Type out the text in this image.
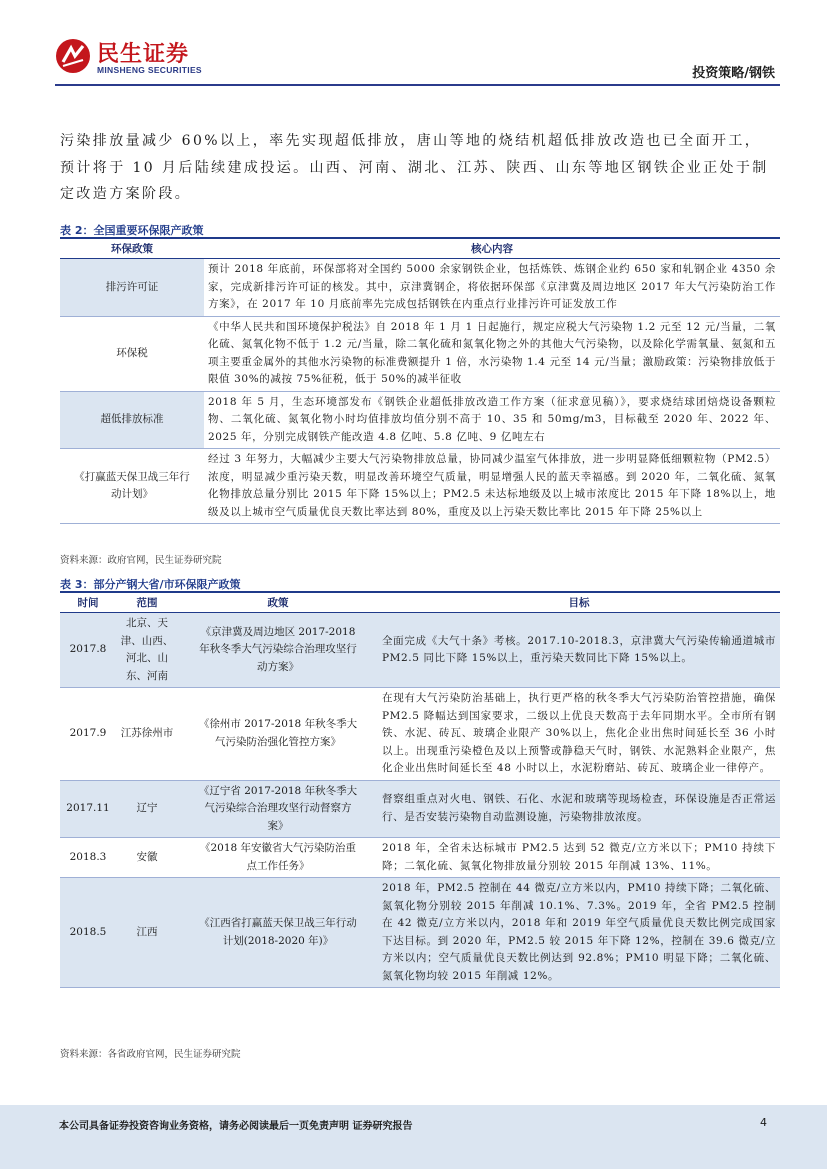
民生证券
MINSHENG SECURITIES	投资策略/钢铁
污染排放量减少 60%以上，率先实现超低排放，唐山等地的烧结机超低排放改造也已全面开工，预计将于 10 月后陆续建成投运。山西、河南、湖北、江苏、陕西、山东等地区钢铁企业正处于制定改造方案阶段。
表 2：全国重要环保限产政策
环保政策	核心内容
排污许可证	预计 2018 年底前，环保部将对全国约 5000 余家钢铁企业，包括炼铁、炼钢企业约 650 家和轧钢企业 4350 余家，完成新排污许可证的核发。其中，京津冀钢企，将依据环保部《京津冀及周边地区 2017 年大气污染防治工作方案》，在 2017 年 10 月底前率先完成包括钢铁在内重点行业排污许可证发放工作
环保税	《中华人民共和国环境保护税法》自 2018 年 1 月 1 日起施行，规定应税大气污染物 1.2 元至 12 元/当量，二氧化硫、氮氧化物不低于 1.2 元/当量，除二氧化硫和氮氧化物之外的其他大气污染物，以及除化学需氧量、氨氮和五项主要重金属外的其他水污染物的标准费额提升 1 倍，水污染物 1.4 元至 14 元/当量；激励政策：污染物排放低于限值 30%的减按 75%征税，低于 50%的减半征收
超低排放标准	2018 年 5 月，生态环境部发布《钢铁企业超低排放改造工作方案（征求意见稿）》，要求烧结球团焙烧设备颗粒物、二氧化硫、氮氧化物小时均值排放均值分别不高于 10、35 和 50mg/m3，目标截至 2020 年、2022 年、2025 年，分别完成钢铁产能改造 4.8 亿吨、5.8 亿吨、9 亿吨左右
《打赢蓝天保卫战三年行动计划》	经过 3 年努力，大幅减少主要大气污染物排放总量，协同减少温室气体排放，进一步明显降低细颗粒物（PM2.5）浓度，明显减少重污染天数，明显改善环境空气质量，明显增强人民的蓝天幸福感。到 2020 年，二氧化硫、氮氧化物排放总量分别比 2015 年下降 15%以上；PM2.5 未达标地级及以上城市浓度比 2015 年下降 18%以上，地级及以上城市空气质量优良天数比率达到 80%，重度及以上污染天数比率比 2015 年下降 25%以上
资料来源：政府官网，民生证券研究院
表 3：部分产钢大省/市环保限产政策
时间	范围	政策	目标
2017.8	北京、天津、山西、河北、山东、河南	《京津冀及周边地区 2017-2018 年秋冬季大气污染综合治理攻坚行动方案》	全面完成《大气十条》考核。2017.10-2018.3，京津冀大气污染传输通道城市 PM2.5 同比下降 15%以上，重污染天数同比下降 15%以上。
2017.9	江苏徐州市	《徐州市 2017-2018 年秋冬季大气污染防治强化管控方案》	在现有大气污染防治基础上，执行更严格的秋冬季大气污染防治管控措施，确保 PM2.5 降幅达到国家要求，二级以上优良天数高于去年同期水平。全市所有钢铁、水泥、砖瓦、玻璃企业限产 30%以上，焦化企业出焦时间延长至 36 小时以上。出现重污染橙色及以上预警或静稳天气时，钢铁、水泥熟料企业限产，焦化企业出焦时间延长至 48 小时以上，水泥粉磨站、砖瓦、玻璃企业一律停产。
2017.11	辽宁	《辽宁省 2017-2018 年秋冬季大气污染综合治理攻坚行动督察方案》	督察组重点对火电、钢铁、石化、水泥和玻璃等现场检查，环保设施是否正常运行、是否安装污染物自动监测设施，污染物排放浓度。
2018.3	安徽	《2018 年安徽省大气污染防治重点工作任务》	2018 年，全省未达标城市 PM2.5 达到 52 微克/立方米以下；PM10 持续下降；二氧化硫、氮氧化物排放量分别较 2015 年削减 13%、11%。
2018.5	江西	《江西省打赢蓝天保卫战三年行动计划(2018-2020 年)》	2018 年，PM2.5 控制在 44 微克/立方米以内，PM10 持续下降；二氧化硫、氮氧化物分别较 2015 年削减 10.1%、7.3%。2019 年，全省 PM2.5 控制在 42 微克/立方米以内，2018 年和 2019 年空气质量优良天数比例完成国家下达目标。到 2020 年，PM2.5 较 2015 年下降 12%，控制在 39.6 微克/立方米以内；空气质量优良天数比例达到 92.8%；PM10 明显下降；二氧化硫、氮氧化物均较 2015 年削减 12%。
资料来源：各省政府官网，民生证券研究院
本公司具备证券投资咨询业务资格，请务必阅读最后一页免责声明 证券研究报告	4
